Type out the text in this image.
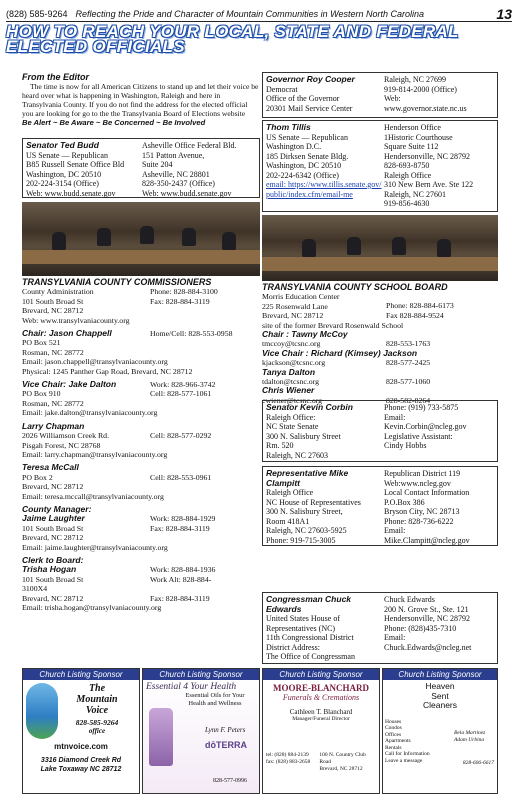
(828) 585-9264 Reflecting the Pride and Character of Mountain Communities in Western North Carolina	13
HOW TO REACH YOUR LOCAL, STATE AND FEDERAL ELECTED OFFICIALS
From the Editor
The time is now for all American Citizens to stand up and let their voice be heard over what is happening in Washington, Raleigh and here in Transylvania County. If you do not find the address for the elected official you are looking for go to the the Transylvania Board of Elections website
Be Alert ~ Be Aware ~ Be Concerned ~ Be Involved
Senator Ted Budd
US Senate — Republican
B85 Russell Senate Office Bld
Washington, DC 20510
202-224-3154 (Office)
Web: www.budd.senate.gov
Asheville Office Federal Bld.
151 Patton Avenue,
Suite 204
Asheville, NC 28801
828-350-2437 (Office)
Web: www.budd.senate.gov
Governor Roy Cooper
Democrat
Office of the Governor
20301 Mail Service Center
Raleigh, NC 27699
919-814-2000 (Office)
Web:
www.governor.state.nc.us
Thom Tillis
US Senate — Republican
Washington D.C.
185 Dirksen Senate Bldg.
Washington, DC 20510
202-224-6342 (Office)
email: https://www.tillis.senate.gov/public/index.cfm/email-me
Henderson Office
1Historic Courthouse
Square Suite 112
Hendersonville, NC 28792
828-693-8750
Raleigh Office
310 New Bern Ave. Ste 122
Raleigh, NC 27601
919-856-4630
TRANSYLVANIA COUNTY COMMISSIONERS
County Administration
101 South Broad St
Brevard, NC 28712
Phone: 828-884-3100
Fax: 828-884-3119
Web: www.transylvaniacounty.org
Chair: Jason Chappell	Home/Cell: 828-553-0958
PO Box 521
Rosman, NC 28772
Email: jason.chappell@transylvaniacounty.org
Physical: 1245 Panther Gap Road, Brevard, NC 28712
Vice Chair: Jake Dalton	Work: 828-966-3742
PO Box 910	Cell: 828-577-1061
Rosman, NC 28772
Email: jake.dalton@transylvaniacounty.org
Larry Chapman
2026 Williamson Creek Rd.	Cell: 828-577-0292
Pisgah Forest, NC 28768
Email: larry.chapman@transylvaniacounty.org
Teresa McCall
PO Box 2	Cell: 828-553-0961
Brevard, NC 28712
Email: teresa.mccall@transylvaniacounty.org
County Manager:
Jaime Laughter	Work: 828-884-1929
101 South Broad St	Fax: 828-884-3119
Brevard, NC 28712
Email: jaime.laughter@transylvaniacounty.org
Clerk to Board:
Trisha Hogan	Work: 828-884-1936
101 South Broad St	Work Alt: 828-884-
3100X4
Brevard, NC 28712	Fax: 828-884-3119
Email: trisha.hogan@transylvaniacounty.org
TRANSYLVANIA COUNTY SCHOOL BOARD
Morris Education Center
225 Rosenwald Lane
Brevard, NC 28712
Phone: 828-884-6173
Fax 828-884-9524
site of the former Brevard Rosenwald School
Chair : Tawny McCoy
tmccoy@tcsnc.org	828-553-1763
Vice Chair : Richard (Kimsey) Jackson
kjackson@tcsnc.org	828-577-2425
Tanya Dalton
tdalton@tcsnc.org	828-577-1060
Chris Wiener
cwiener@tcsnc.org	828-582-8264
Senator Kevin Corbin
Raleigh Office:
NC State Senate
300 N. Salisbury Street
Rm. 520
Raleigh, NC 27603
Phone: (919) 733-5875
Email:
Kevin.Corbin@ncleg.gov
Legislative Assistant:
Cindy Hobbs
Representative Mike Clampitt
Raleigh Office
NC House of Representatives
300 N. Salisbury Street,
Room 418A1
Raleigh, NC 27603-5925
Phone: 919-715-3005
Republican District 119
Web:www.ncleg.gov
Local Contact Information
P.O.Box 386
Bryson City, NC 28713
Phone: 828-736-6222
Email:
Mike.Clampitt@ncleg.gov
Congressman Chuck Edwards
United States House of
Representatives (NC)
11th Congressional District
District Address:
The Office of Congressman
Chuck Edwards
200 N. Grove St., Ste. 121
Hendersonville, NC 28792
Phone: (828)435-7310
Email:
Chuck.Edwards@ncleg.net
Church Listing Sponsor
The
Mountain
Voice
828-585-9264
office
mtnvoice.com
3316 Diamond Creek Rd
Lake Toxaway NC 28712
Church Listing Sponsor
Essential 4 Your Health
Essential Oils for Your Health and Wellness
Lynn F. Peters
dōTERRA
828-577-0996
Church Listing Sponsor
MOORE-BLANCHARD
Funerals & Cremations
Cathleen T. Blanchard
Manager/Funeral Director
tel: (828) 884-2139
fax: (828) 883-2658
100 N. Country Club Road
Brevard, NC 28712
Church Listing Sponsor
Heaven
Sent
Cleaners
Houses
Condos
Offices
Apartments
Rentals
Call for Information
Leave a message
Bela Martinez Adam Urbina
828-606-6617
